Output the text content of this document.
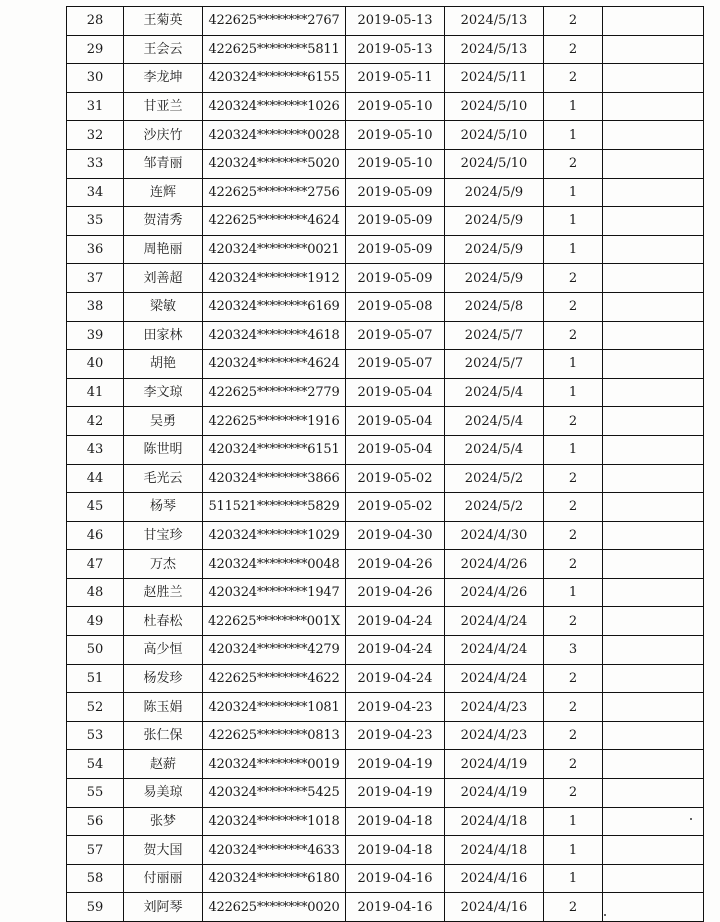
28	王菊英	422625********2767	2019-05-13	2024/5/13	2	
29	王会云	422625********5811	2019-05-13	2024/5/13	2	
30	李龙坤	420324********6155	2019-05-11	2024/5/11	2	
31	甘亚兰	420324********1026	2019-05-10	2024/5/10	1	
32	沙庆竹	420324********0028	2019-05-10	2024/5/10	1	
33	邹青丽	420324********5020	2019-05-10	2024/5/10	2	
34	连辉	422625********2756	2019-05-09	2024/5/9	1	
35	贺清秀	422625********4624	2019-05-09	2024/5/9	1	
36	周艳丽	420324********0021	2019-05-09	2024/5/9	1	
37	刘善超	420324********1912	2019-05-09	2024/5/9	2	
38	梁敏	420324********6169	2019-05-08	2024/5/8	2	
39	田家林	420324********4618	2019-05-07	2024/5/7	2	
40	胡艳	420324********4624	2019-05-07	2024/5/7	1	
41	李文琼	422625********2779	2019-05-04	2024/5/4	1	
42	吴勇	422625********1916	2019-05-04	2024/5/4	2	
43	陈世明	420324********6151	2019-05-04	2024/5/4	1	
44	毛光云	420324********3866	2019-05-02	2024/5/2	2	
45	杨琴	511521********5829	2019-05-02	2024/5/2	2	
46	甘宝珍	420324********1029	2019-04-30	2024/4/30	2	
47	万杰	420324********0048	2019-04-26	2024/4/26	2	
48	赵胜兰	420324********1947	2019-04-26	2024/4/26	1	
49	杜春松	422625********001X	2019-04-24	2024/4/24	2	
50	高少恒	420324********4279	2019-04-24	2024/4/24	3	
51	杨发珍	422625********4622	2019-04-24	2024/4/24	2	
52	陈玉娟	420324********1081	2019-04-23	2024/4/23	2	
53	张仁保	422625********0813	2019-04-23	2024/4/23	2	
54	赵薪	420324********0019	2019-04-19	2024/4/19	2	
55	易美琼	420324********5425	2019-04-19	2024/4/19	2	
56	张梦	420324********1018	2019-04-18	2024/4/18	1	
57	贺大国	420324********4633	2019-04-18	2024/4/18	1	
58	付丽丽	420324********6180	2019-04-16	2024/4/16	1	
59	刘阿琴	422625********0020	2019-04-16	2024/4/16	2	
